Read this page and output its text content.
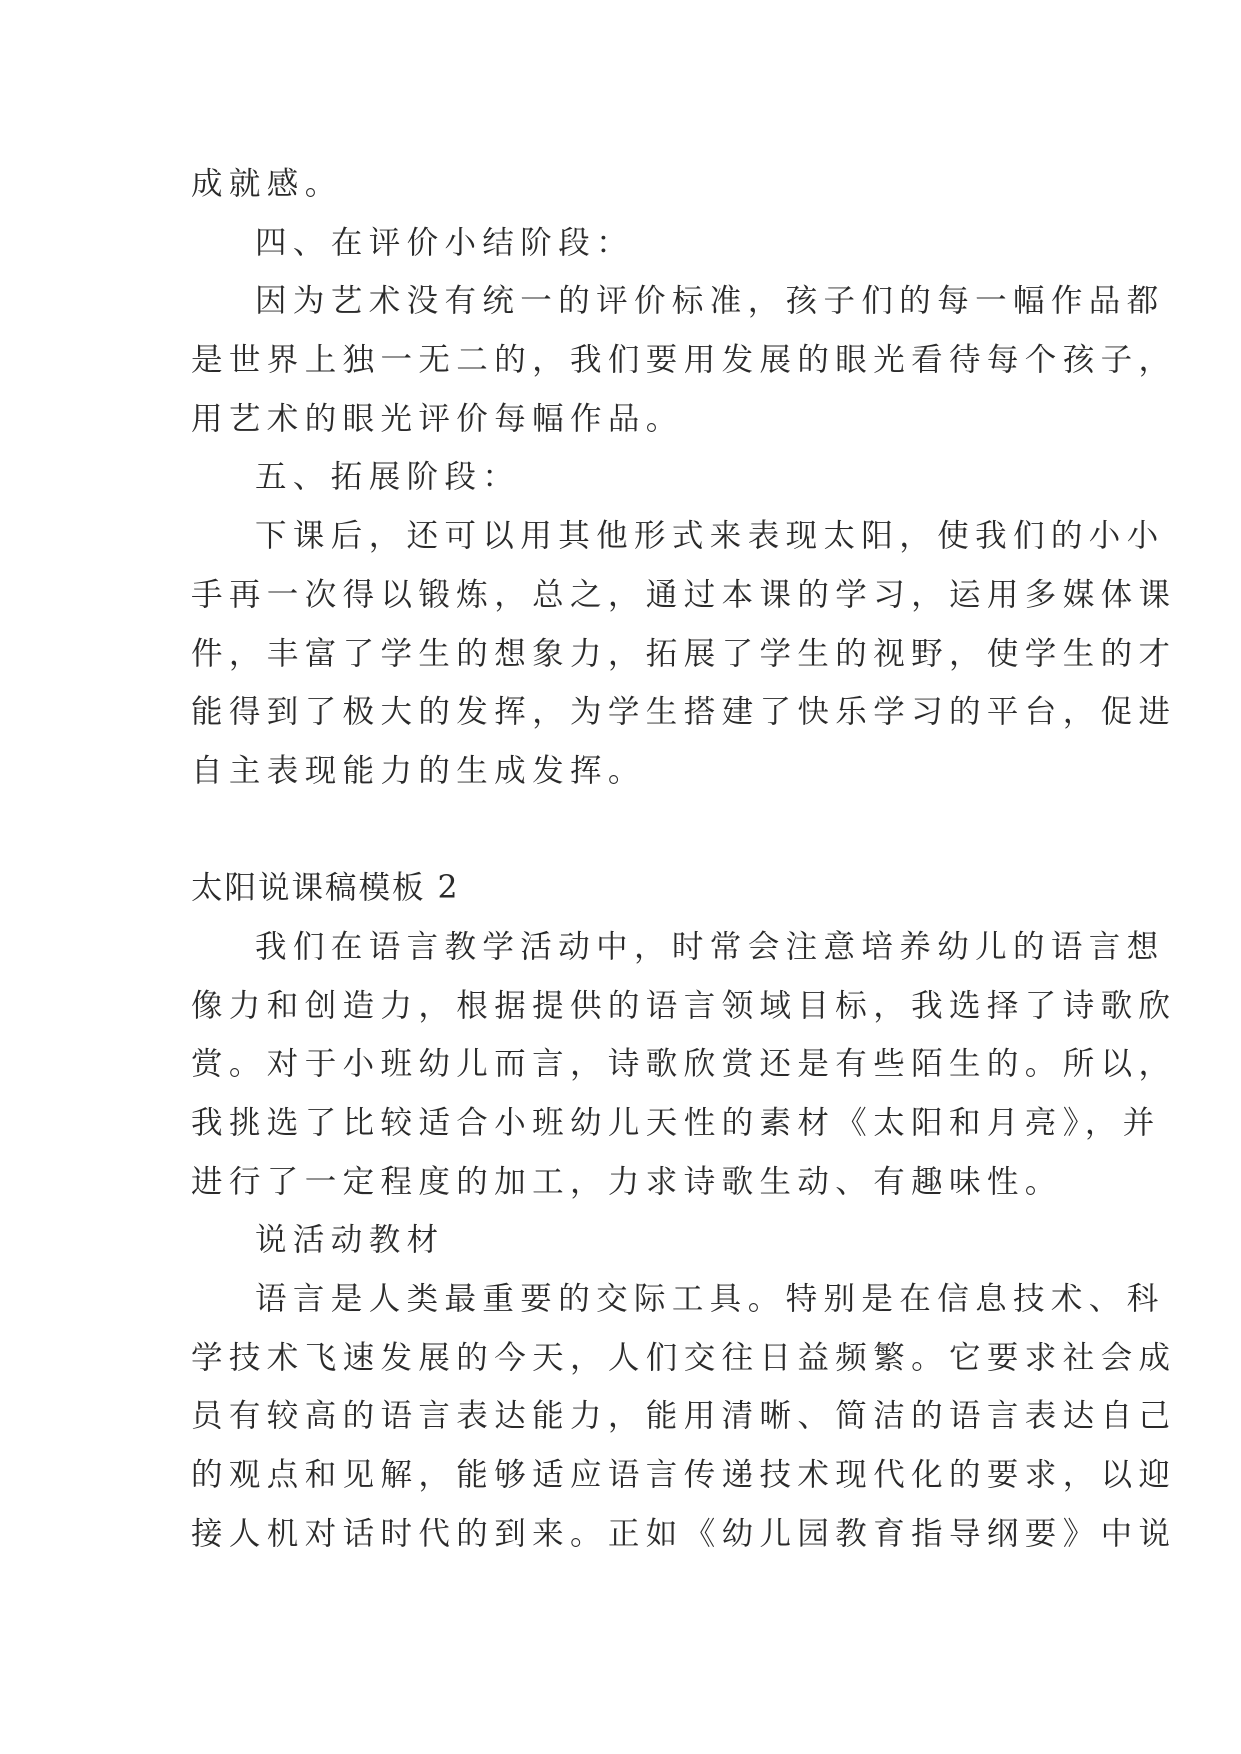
成就感。
四、在评价小结阶段：
因为艺术没有统一的评价标准，孩子们的每一幅作品都
是世界上独一无二的，我们要用发展的眼光看待每个孩子，
用艺术的眼光评价每幅作品。
五、拓展阶段：
下课后，还可以用其他形式来表现太阳，使我们的小小
手再一次得以锻炼，总之，通过本课的学习，运用多媒体课
件，丰富了学生的想象力，拓展了学生的视野，使学生的才
能得到了极大的发挥，为学生搭建了快乐学习的平台，促进
自主表现能力的生成发挥。
太阳说课稿模板 2
我们在语言教学活动中，时常会注意培养幼儿的语言想
像力和创造力，根据提供的语言领域目标，我选择了诗歌欣
赏。对于小班幼儿而言，诗歌欣赏还是有些陌生的。所以，
我挑选了比较适合小班幼儿天性的素材《太阳和月亮》，并
进行了一定程度的加工，力求诗歌生动、有趣味性。
说活动教材
语言是人类最重要的交际工具。特别是在信息技术、科
学技术飞速发展的今天，人们交往日益频繁。它要求社会成
员有较高的语言表达能力，能用清晰、简洁的语言表达自己
的观点和见解，能够适应语言传递技术现代化的要求，以迎
接人机对话时代的到来。正如《幼儿园教育指导纲要》中说
